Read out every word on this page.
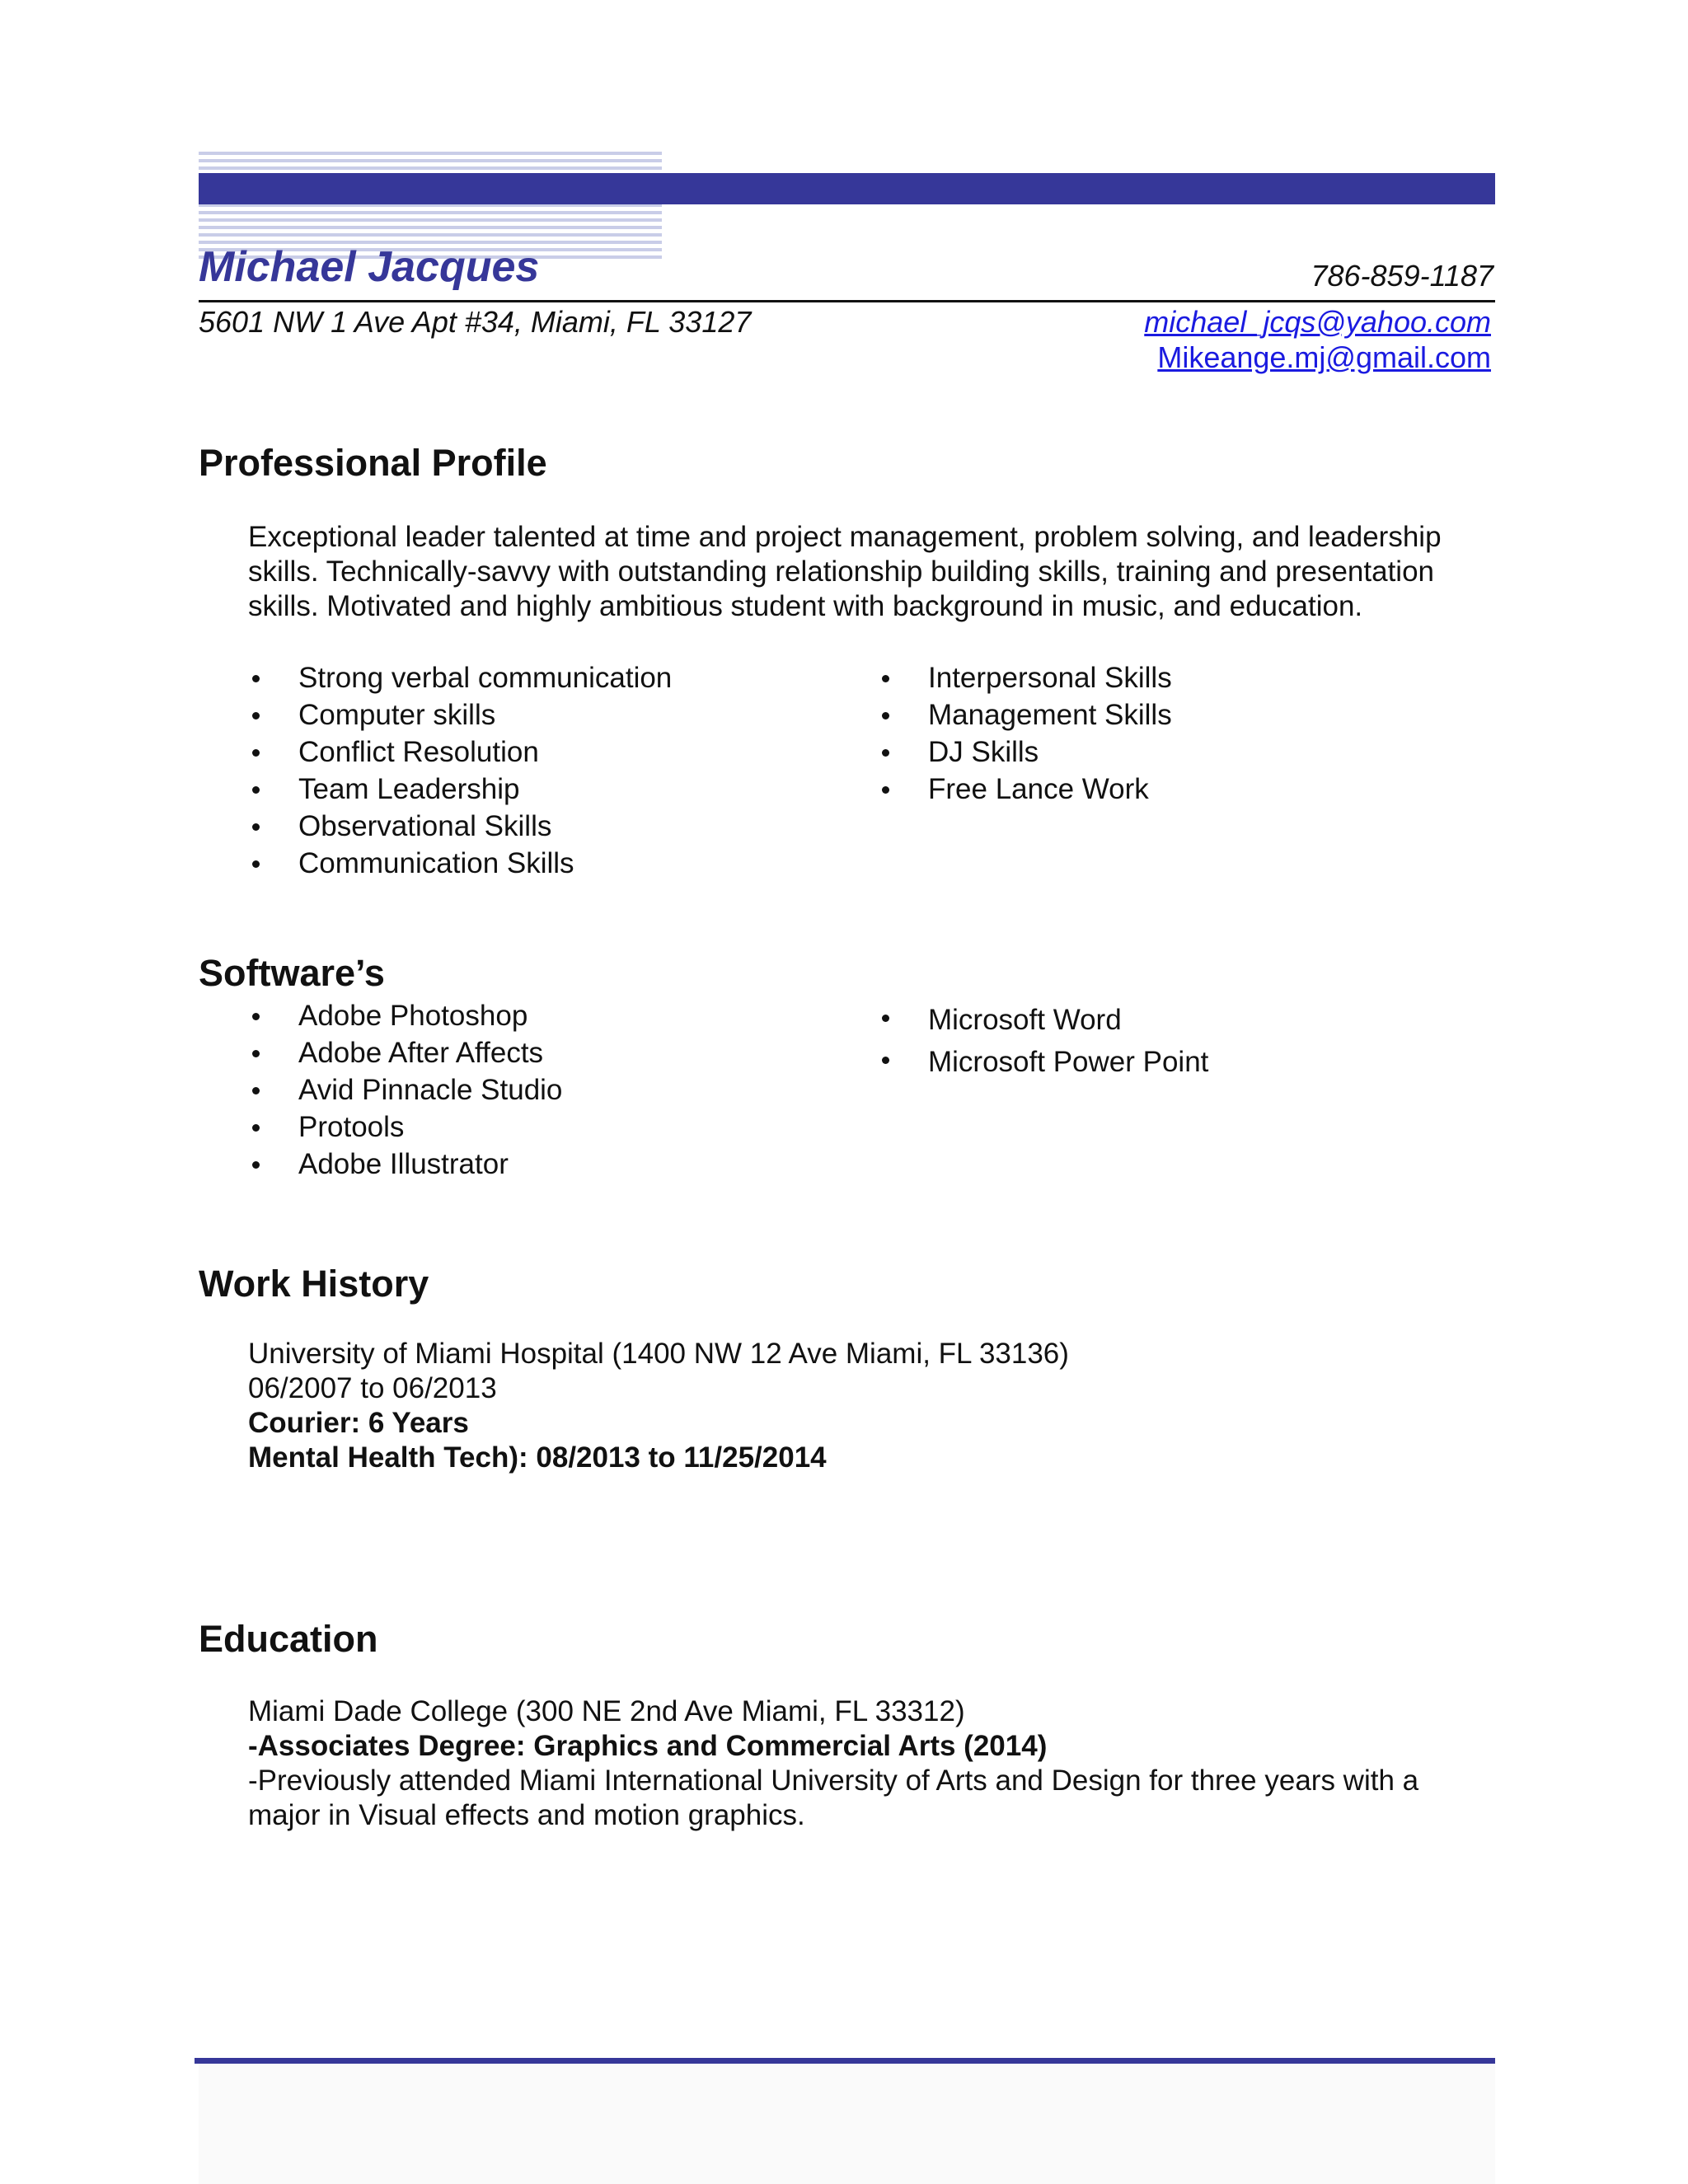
Michael Jacques	786-859-1187
5601 NW 1 Ave Apt #34, Miami, FL 33127	michael_jcqs@yahoo.com
Mikeange.mj@gmail.com
Professional Profile
Exceptional leader talented at time and project management, problem solving, and leadership skills. Technically-savvy with outstanding relationship building skills, training and presentation skills. Motivated and highly ambitious student with background in music, and education.
Strong verbal communication
Computer skills
Conflict Resolution
Team Leadership
Observational Skills
Communication Skills
Interpersonal Skills
Management Skills
DJ Skills
Free Lance Work
Software’s
Adobe Photoshop
Adobe After Affects
Avid Pinnacle Studio
Protools
Adobe Illustrator
Microsoft Word
Microsoft Power Point
Work History
University of Miami Hospital (1400 NW 12 Ave Miami, FL 33136)
06/2007 to 06/2013
Courier: 6 Years
Mental Health Tech): 08/2013 to 11/25/2014
Education
Miami Dade College (300 NE 2nd Ave Miami, FL 33312)
-Associates Degree: Graphics and Commercial Arts (2014)
-Previously attended Miami International University of Arts and Design for three years with a major in Visual effects and motion graphics.
